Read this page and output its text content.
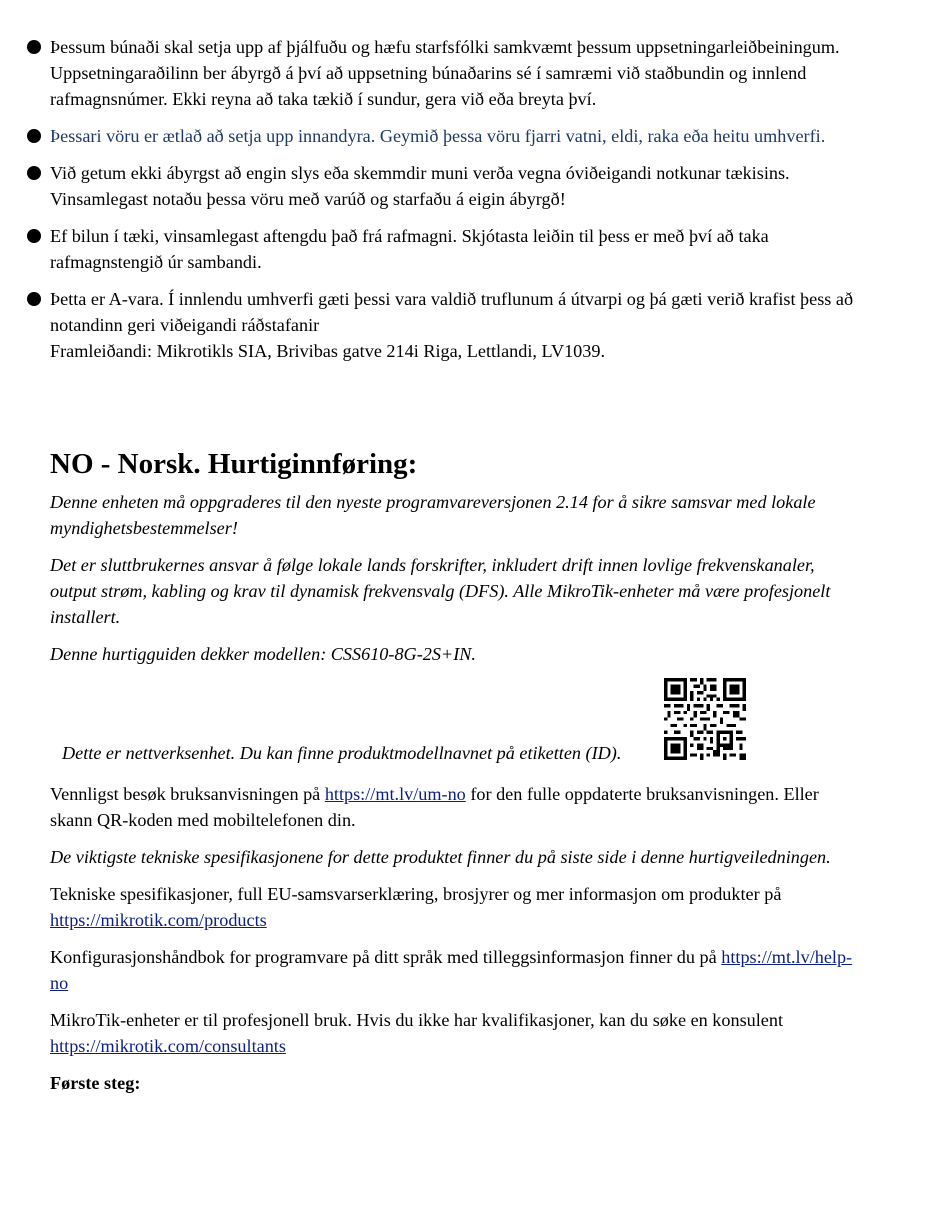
Þessum búnaði skal setja upp af þjálfuðu og hæfu starfsfólki samkvæmt þessum uppsetningarleiðbeiningum. Uppsetningaraðilinn ber ábyrgð á því að uppsetning búnaðarins sé í samræmi við staðbundin og innlend rafmagnsnúmer. Ekki reyna að taka tækið í sundur, gera við eða breyta því.

Þessari vöru er ætlað að setja upp innandyra. Geymið þessa vöru fjarri vatni, eldi, raka eða heitu umhverfi.

Við getum ekki ábyrgst að engin slys eða skemmdir muni verða vegna óviðeigandi notkunar tækisins. Vinsamlegast notaðu þessa vöru með varúð og starfaðu á eigin ábyrgð!

Ef bilun í tæki, vinsamlegast aftengdu það frá rafmagni. Skjótasta leiðin til þess er með því að taka rafmagnstengið úr sambandi.

Þetta er A-vara. Í innlendu umhverfi gæti þessi vara valdið truflunum á útvarpi og þá gæti verið krafist þess að notandinn geri viðeigandi ráðstafanir

Framleiðandi: Mikrotikls SIA, Brivibas gatve 214i Riga, Lettlandi, LV1039.

NO - Norsk. Hurtiginnføring:

Denne enheten må oppgraderes til den nyeste programvareversjonen 2.14 for å sikre samsvar med lokale myndighetsbestemmelser!

Det er sluttbrukernes ansvar å følge lokale lands forskrifter, inkludert drift innen lovlige frekvenskanaler, output strøm, kabling og krav til dynamisk frekvensvalg (DFS). Alle MikroTik-enheter må være profesjonelt installert.

Denne hurtigguiden dekker modellen: CSS610-8G-2S+IN.

Dette er nettverksenhet. Du kan finne produktmodellnavnet på etiketten (ID).

Vennligst besøk bruksanvisningen på https://mt.lv/um-no for den fulle oppdaterte bruksanvisningen. Eller skann QR-koden med mobiltelefonen din.

De viktigste tekniske spesifikasjonene for dette produktet finner du på siste side i denne hurtigveiledningen.

Tekniske spesifikasjoner, full EU-samsvarserklæring, brosjyrer og mer informasjon om produkter på https://mikrotik.com/products

Konfigurasjonshåndbok for programvare på ditt språk med tilleggsinformasjon finner du på https://mt.lv/help-no

MikroTik-enheter er til profesjonell bruk. Hvis du ikke har kvalifikasjoner, kan du søke en konsulent https://mikrotik.com/consultants

Første steg:
